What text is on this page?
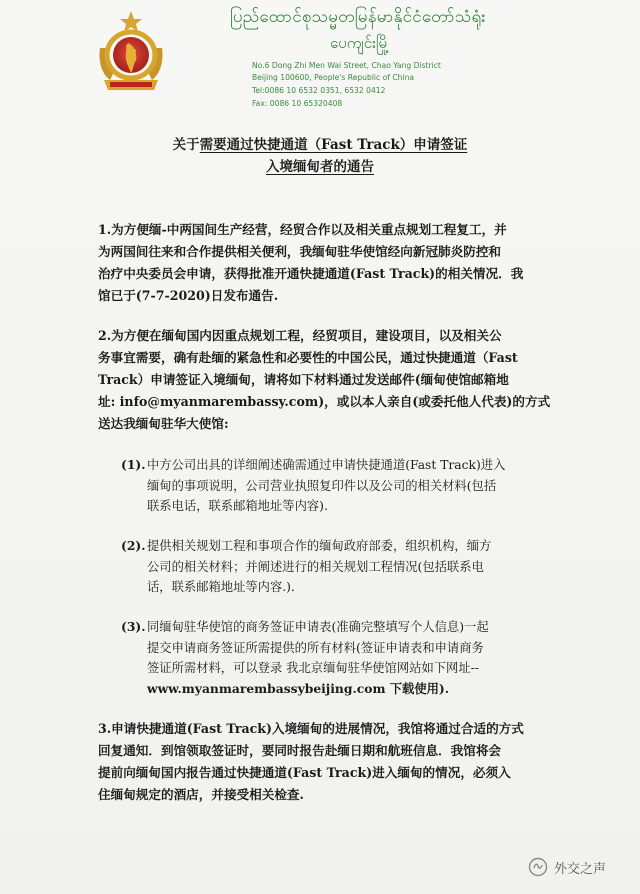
ပြည်ထောင်စုသမ္မတမြန်မာနိုင်ငံတော်သံရုံး
ပေကျင်းမြို့
No.6 Dong Zhi Men Wai Street, Chao Yang District
Beijing 100600, People's Republic of China
Tel:0086 10 6532 0351, 6532 0412
Fax: 0086 10 65320408
关于需要通过快捷通道（Fast Track）申请签证
入境缅甸者的通告
1.为方便缅-中两国间生产经营，经贸合作以及相关重点规划工程复工，并
为两国间往来和合作提供相关便利，我缅甸驻华使馆经向新冠肺炎防控和
治疗中央委员会申请，获得批准开通快捷通道(Fast Track)的相关情况．我
馆已于(7-7-2020)日发布通告.
2.为方便在缅甸国内因重点规划工程，经贸项目，建设项目，以及相关公
务事宜需要，确有赴缅的紧急性和必要性的中国公民，通过快捷通道（Fast
Track）申请签证入境缅甸，请将如下材料通过发送邮件(缅甸使馆邮箱地
址: info@myanmarembassy.com)，或以本人亲自(或委托他人代表)的方式
送达我缅甸驻华大使馆:
(1). 中方公司出具的详细阐述确需通过申请快捷通道(Fast Track)进入
缅甸的事项说明，公司营业执照复印件以及公司的相关材料(包括
联系电话，联系邮箱地址等内容).
(2). 提供相关规划工程和事项合作的缅甸政府部委，组织机构，缅方
公司的相关材料；并阐述进行的相关规划工程情况(包括联系电
话，联系邮箱地址等内容.)．
(3). 同缅甸驻华使馆的商务签证申请表(准确完整填写个人信息)一起
提交申请商务签证所需提供的所有材料(签证申请表和申请商务
签证所需材料，可以登录 我北京缅甸驻华使馆网站如下网址--
www.myanmarembassybeijing.com 下载使用).
3.申请快捷通道(Fast Track)入境缅甸的进展情况，我馆将通过合适的方式
回复通知．到馆领取签证时，要同时报告赴缅日期和航班信息．我馆将会
提前向缅甸国内报告通过快捷通道(Fast Track)进入缅甸的情况，必须入
住缅甸规定的酒店，并接受相关检查.
外交之声
